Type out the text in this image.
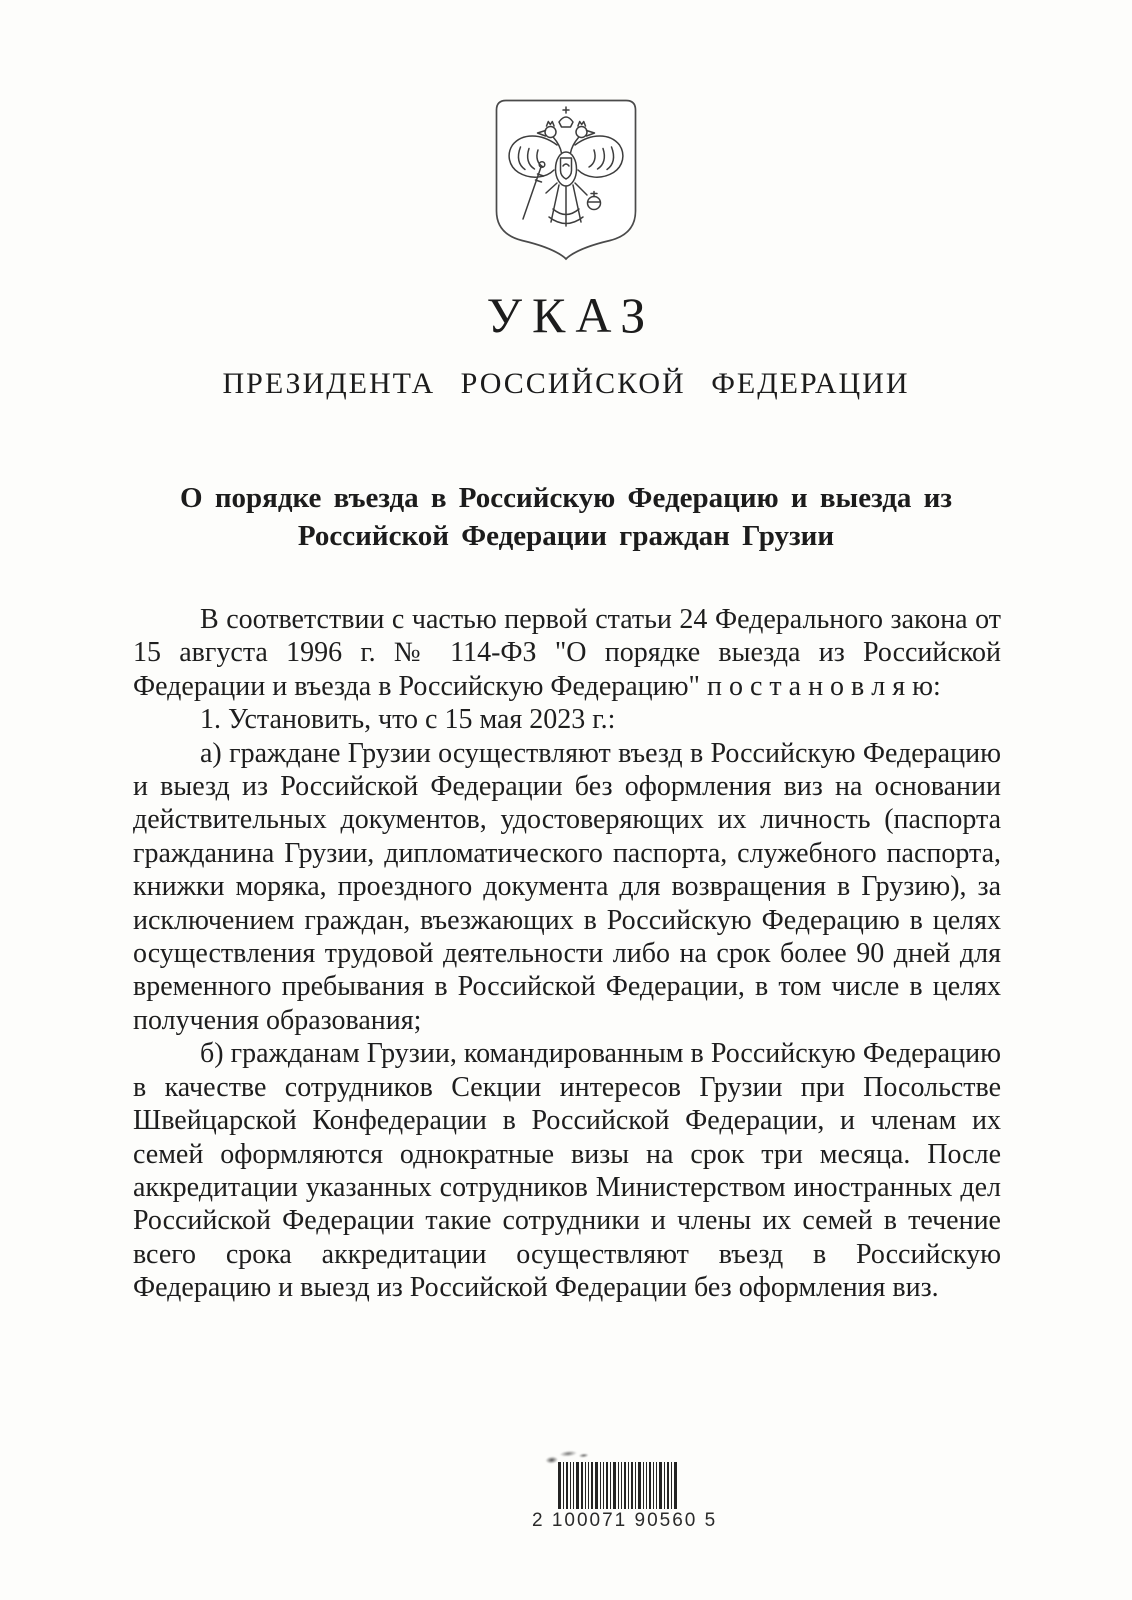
УКАЗ
ПРЕЗИДЕНТА РОССИЙСКОЙ ФЕДЕРАЦИИ
О порядке въезда в Российскую Федерацию и выезда из
Российской Федерации граждан Грузии

В соответствии с частью первой статьи 24 Федерального закона от 15 августа 1996 г. № 114-ФЗ "О порядке выезда из Российской Федерации и въезда в Российскую Федерацию" п о с т а н о в л я ю:

1. Установить, что с 15 мая 2023 г.:

а) граждане Грузии осуществляют въезд в Российскую Федерацию и выезд из Российской Федерации без оформления виз на основании действительных документов, удостоверяющих их личность (паспорта гражданина Грузии, дипломатического паспорта, служебного паспорта, книжки моряка, проездного документа для возвращения в Грузию), за исключением граждан, въезжающих в Российскую Федерацию в целях осуществления трудовой деятельности либо на срок более 90 дней для временного пребывания в Российской Федерации, в том числе в целях получения образования;

б) гражданам Грузии, командированным в Российскую Федерацию в качестве сотрудников Секции интересов Грузии при Посольстве Швейцарской Конфедерации в Российской Федерации, и членам их семей оформляются однократные визы на срок три месяца. После аккредитации указанных сотрудников Министерством иностранных дел Российской Федерации такие сотрудники и члены их семей в течение всего срока аккредитации осуществляют въезд в Российскую Федерацию и выезд из Российской Федерации без оформления виз.

2 100071 90560 5
